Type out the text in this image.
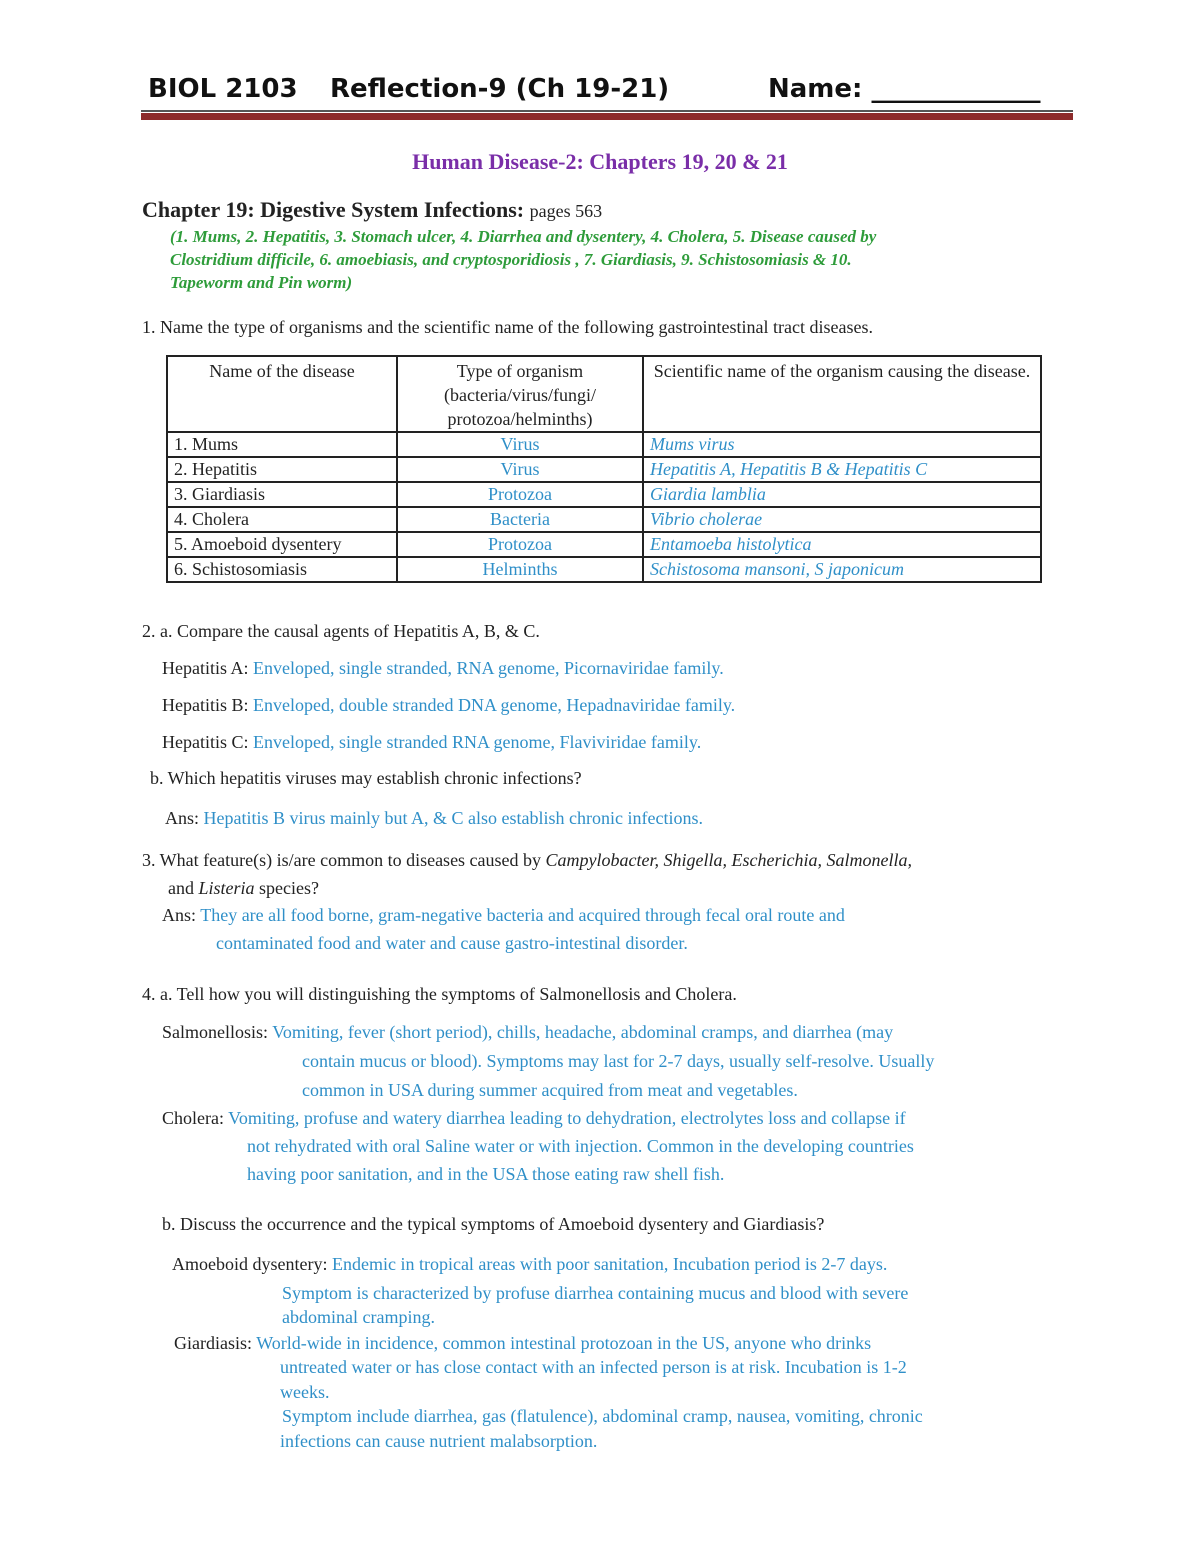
BIOL 2103 Reflection-9 (Ch 19-21)	Name: _____________
Human Disease-2: Chapters 19, 20 & 21
Chapter 19: Digestive System Infections: pages 563
(1. Mums, 2. Hepatitis, 3. Stomach ulcer, 4. Diarrhea and dysentery, 4. Cholera, 5. Disease caused by
Clostridium difficile, 6. amoebiasis, and cryptosporidiosis , 7. Giardiasis, 9. Schistosomiasis & 10.
Tapeworm and Pin worm)
1. Name the type of organisms and the scientific name of the following gastrointestinal tract diseases.
Name of the disease	Type of organism (bacteria/virus/fungi/ protozoa/helminths)	Scientific name of the organism causing the disease.
1. Mums	Virus	Mums virus
2. Hepatitis	Virus	Hepatitis A, Hepatitis B & Hepatitis C
3. Giardiasis	Protozoa	Giardia lamblia
4. Cholera	Bacteria	Vibrio cholerae
5. Amoeboid dysentery	Protozoa	Entamoeba histolytica
6. Schistosomiasis	Helminths	Schistosoma mansoni, S japonicum
2. a. Compare the causal agents of Hepatitis A, B, & C.
Hepatitis A: Enveloped, single stranded, RNA genome, Picornaviridae family.
Hepatitis B: Enveloped, double stranded DNA genome, Hepadnaviridae family.
Hepatitis C: Enveloped, single stranded RNA genome, Flaviviridae family.
b. Which hepatitis viruses may establish chronic infections?
Ans: Hepatitis B virus mainly but A, & C also establish chronic infections.
3. What feature(s) is/are common to diseases caused by Campylobacter, Shigella, Escherichia, Salmonella,
and Listeria species?
Ans: They are all food borne, gram-negative bacteria and acquired through fecal oral route and
contaminated food and water and cause gastro-intestinal disorder.
4. a. Tell how you will distinguishing the symptoms of Salmonellosis and Cholera.
Salmonellosis: Vomiting, fever (short period), chills, headache, abdominal cramps, and diarrhea (may
contain mucus or blood). Symptoms may last for 2-7 days, usually self-resolve. Usually
common in USA during summer acquired from meat and vegetables.
Cholera: Vomiting, profuse and watery diarrhea leading to dehydration, electrolytes loss and collapse if
not rehydrated with oral Saline water or with injection. Common in the developing countries
having poor sanitation, and in the USA those eating raw shell fish.
b. Discuss the occurrence and the typical symptoms of Amoeboid dysentery and Giardiasis?
Amoeboid dysentery: Endemic in tropical areas with poor sanitation, Incubation period is 2-7 days.
Symptom is characterized by profuse diarrhea containing mucus and blood with severe
abdominal cramping.
Giardiasis: World-wide in incidence, common intestinal protozoan in the US, anyone who drinks
untreated water or has close contact with an infected person is at risk. Incubation is 1-2
weeks.
Symptom include diarrhea, gas (flatulence), abdominal cramp, nausea, vomiting, chronic
infections can cause nutrient malabsorption.
